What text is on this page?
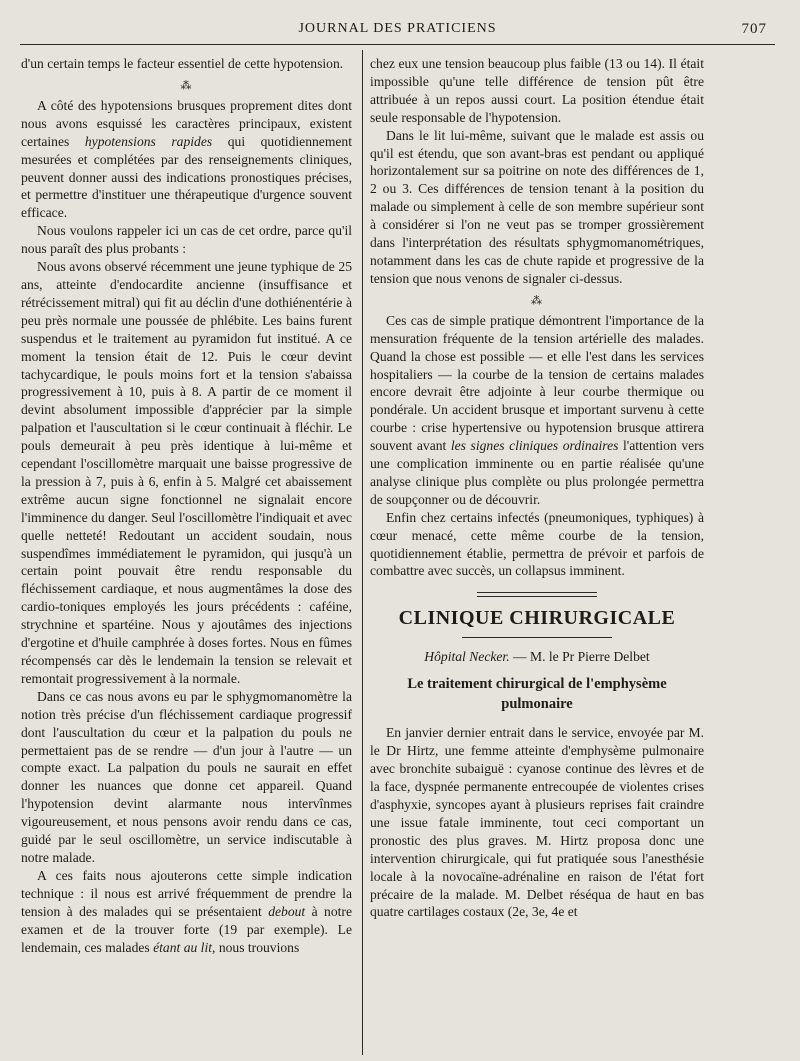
JOURNAL DES PRATICIENS	707

d'un certain temps le facteur essentiel de cette hypotension.

⁂

A côté des hypotensions brusques proprement dites dont nous avons esquissé les caractères principaux, existent certaines hypotensions rapides qui quotidiennement mesurées et complétées par des renseignements cliniques, peuvent donner aussi des indications pronostiques précises, et permettre d'instituer une thérapeutique d'urgence souvent efficace.

Nous voulons rappeler ici un cas de cet ordre, parce qu'il nous paraît des plus probants :

Nous avons observé récemment une jeune typhique de 25 ans, atteinte d'endocardite ancienne (insuffisance et rétrécissement mitral) qui fit au déclin d'une dothiénentérie à peu près normale une poussée de phlébite. Les bains furent suspendus et le traitement au pyramidon fut institué. A ce moment la tension était de 12. Puis le cœur devint tachycardique, le pouls moins fort et la tension s'abaissa progressivement à 10, puis à 8. A partir de ce moment il devint absolument impossible d'apprécier par la simple palpation et l'auscultation si le cœur continuait à fléchir. Le pouls demeurait à peu près identique à lui-même et cependant l'oscillomètre marquait une baisse progressive de la pression à 7, puis à 6, enfin à 5. Malgré cet abaissement extrême aucun signe fonctionnel ne signalait encore l'imminence du danger. Seul l'oscillomètre l'indiquait et avec quelle netteté! Redoutant un accident soudain, nous suspendîmes immédiatement le pyramidon, qui jusqu'à un certain point pouvait être rendu responsable du fléchissement cardiaque, et nous augmentâmes la dose des cardio-toniques employés les jours précédents : caféine, strychnine et spartéine. Nous y ajoutâmes des injections d'ergotine et d'huile camphrée à doses fortes. Nous en fûmes récompensés car dès le lendemain la tension se relevait et remontait progressivement à la normale.

Dans ce cas nous avons eu par le sphygmomanomètre la notion très précise d'un fléchissement cardiaque progressif dont l'auscultation du cœur et la palpation du pouls ne permettaient pas de se rendre — d'un jour à l'autre — un compte exact. La palpation du pouls ne saurait en effet donner les nuances que donne cet appareil. Quand l'hypotension devint alarmante nous intervînmes vigoureusement, et nous pensons avoir rendu dans ce cas, guidé par le seul oscillomètre, un service indiscutable à notre malade.

A ces faits nous ajouterons cette simple indication technique : il nous est arrivé fréquemment de prendre la tension à des malades qui se présentaient debout à notre examen et de la trouver forte (19 par exemple). Le lendemain, ces malades étant au lit, nous trouvions

chez eux une tension beaucoup plus faible (13 ou 14). Il était impossible qu'une telle différence de tension pût être attribuée à un repos aussi court. La position étendue était seule responsable de l'hypotension.

Dans le lit lui-même, suivant que le malade est assis ou qu'il est étendu, que son avant-bras est pendant ou appliqué horizontalement sur sa poitrine on note des différences de 1, 2 ou 3. Ces différences de tension tenant à la position du malade ou simplement à celle de son membre supérieur sont à considérer si l'on ne veut pas se tromper grossièrement dans l'interprétation des résultats sphygmomanométriques, notamment dans les cas de chute rapide et progressive de la tension que nous venons de signaler ci-dessus.

⁂

Ces cas de simple pratique démontrent l'importance de la mensuration fréquente de la tension artérielle des malades. Quand la chose est possible — et elle l'est dans les services hospitaliers — la courbe de la tension de certains malades encore devrait être adjointe à leur courbe thermique ou pondérale. Un accident brusque et important survenu à cette courbe : crise hypertensive ou hypotension brusque attirera souvent avant les signes cliniques ordinaires l'attention vers une complication imminente ou en partie réalisée qu'une analyse clinique plus complète ou plus prolongée permettra de soupçonner ou de découvrir.

Enfin chez certains infectés (pneumoniques, typhiques) à cœur menacé, cette même courbe de la tension, quotidiennement établie, permettra de prévoir et parfois de combattre avec succès, un collapsus imminent.

CLINIQUE CHIRURGICALE
Hôpital Necker. — M. le Pr Pierre Delbet
Le traitement chirurgical de l'emphysème pulmonaire

En janvier dernier entrait dans le service, envoyée par M. le Dr Hirtz, une femme atteinte d'emphysème pulmonaire avec bronchite subaiguë : cyanose continue des lèvres et de la face, dyspnée permanente entrecoupée de violentes crises d'asphyxie, syncopes ayant à plusieurs reprises fait craindre une issue fatale imminente, tout ceci comportant un pronostic des plus graves. M. Hirtz proposa donc une intervention chirurgicale, qui fut pratiquée sous l'anesthésie locale à la novocaïne-adrénaline en raison de l'état fort précaire de la malade. M. Delbet réséqua de haut en bas quatre cartilages costaux (2e, 3e, 4e et
